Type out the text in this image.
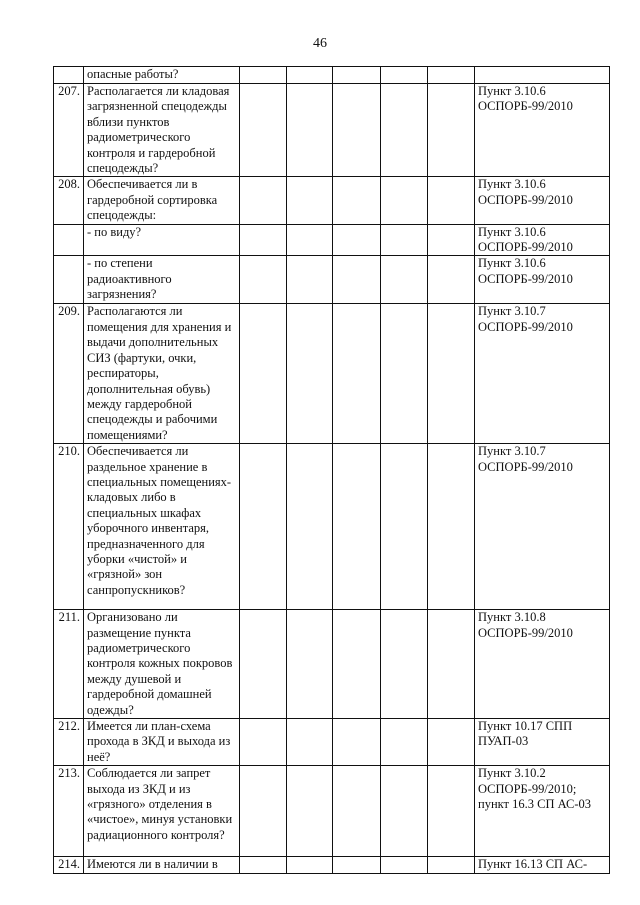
46
	опасные работы?						
207.	Располагается ли кладовая загрязненной спецодежды вблизи пунктов радиометрического контроля и гардеробной спецодежды?						Пункт 3.10.6 ОСПОРБ-99/2010
208.	Обеспечивается ли в гардеробной сортировка спецодежды:						Пункт 3.10.6 ОСПОРБ-99/2010
	- по виду?						Пункт 3.10.6 ОСПОРБ-99/2010
	- по степени радиоактивного загрязнения?						Пункт 3.10.6 ОСПОРБ-99/2010
209.	Располагаются ли помещения для хранения и выдачи дополнительных СИЗ (фартуки, очки, респираторы, дополнительная обувь) между гардеробной спецодежды и рабочими помещениями?						Пункт 3.10.7 ОСПОРБ-99/2010
210.	Обеспечивается ли раздельное хранение в специальных помещениях-кладовых либо в специальных шкафах уборочного инвентаря, предназначенного для уборки «чистой» и «грязной» зон санпропускников?						Пункт 3.10.7 ОСПОРБ-99/2010
211.	Организовано ли размещение пункта радиометрического контроля кожных покровов между душевой и гардеробной домашней одежды?						Пункт 3.10.8 ОСПОРБ-99/2010
212.	Имеется ли план-схема прохода в ЗКД и выхода из неё?						Пункт 10.17 СПП ПУАП-03
213.	Соблюдается ли запрет выхода из ЗКД и из «грязного» отделения в «чистое», минуя установки радиационного контроля?						Пункт 3.10.2 ОСПОРБ-99/2010; пункт 16.3 СП АС-03
214.	Имеются ли в наличии в						Пункт 16.13 СП АС-
